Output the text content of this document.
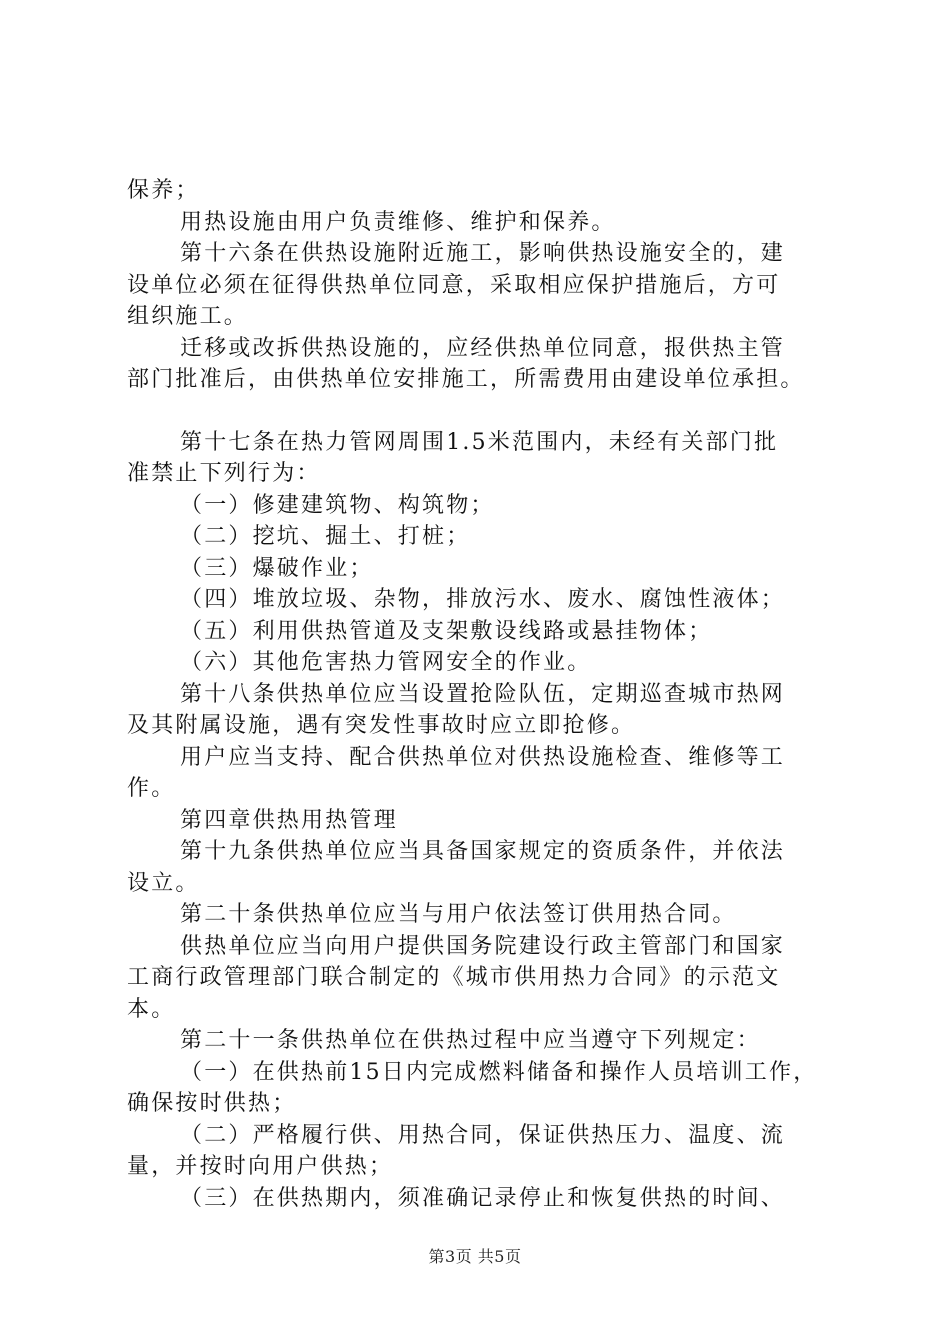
保养；

用热设施由用户负责维修、维护和保养。

第十六条在供热设施附近施工，影响供热设施安全的，建

设单位必须在征得供热单位同意，采取相应保护措施后，方可

组织施工。

迁移或改拆供热设施的，应经供热单位同意，报供热主管

部门批准后，由供热单位安排施工，所需费用由建设单位承担。

第十七条在热力管网周围1.5米范围内，未经有关部门批

准禁止下列行为：

（一）修建建筑物、构筑物；

（二）挖坑、掘土、打桩；

（三）爆破作业；

（四）堆放垃圾、杂物，排放污水、废水、腐蚀性液体；

（五）利用供热管道及支架敷设线路或悬挂物体；

（六）其他危害热力管网安全的作业。

第十八条供热单位应当设置抢险队伍，定期巡查城市热网

及其附属设施，遇有突发性事故时应立即抢修。

用户应当支持、配合供热单位对供热设施检查、维修等工

作。

第四章供热用热管理

第十九条供热单位应当具备国家规定的资质条件，并依法

设立。

第二十条供热单位应当与用户依法签订供用热合同。

供热单位应当向用户提供国务院建设行政主管部门和国家

工商行政管理部门联合制定的《城市供用热力合同》的示范文

本。

第二十一条供热单位在供热过程中应当遵守下列规定：

（一）在供热前15日内完成燃料储备和操作人员培训工作，

确保按时供热；

（二）严格履行供、用热合同，保证供热压力、温度、流

量，并按时向用户供热；

（三）在供热期内，须准确记录停止和恢复供热的时间、

第3页 共5页
